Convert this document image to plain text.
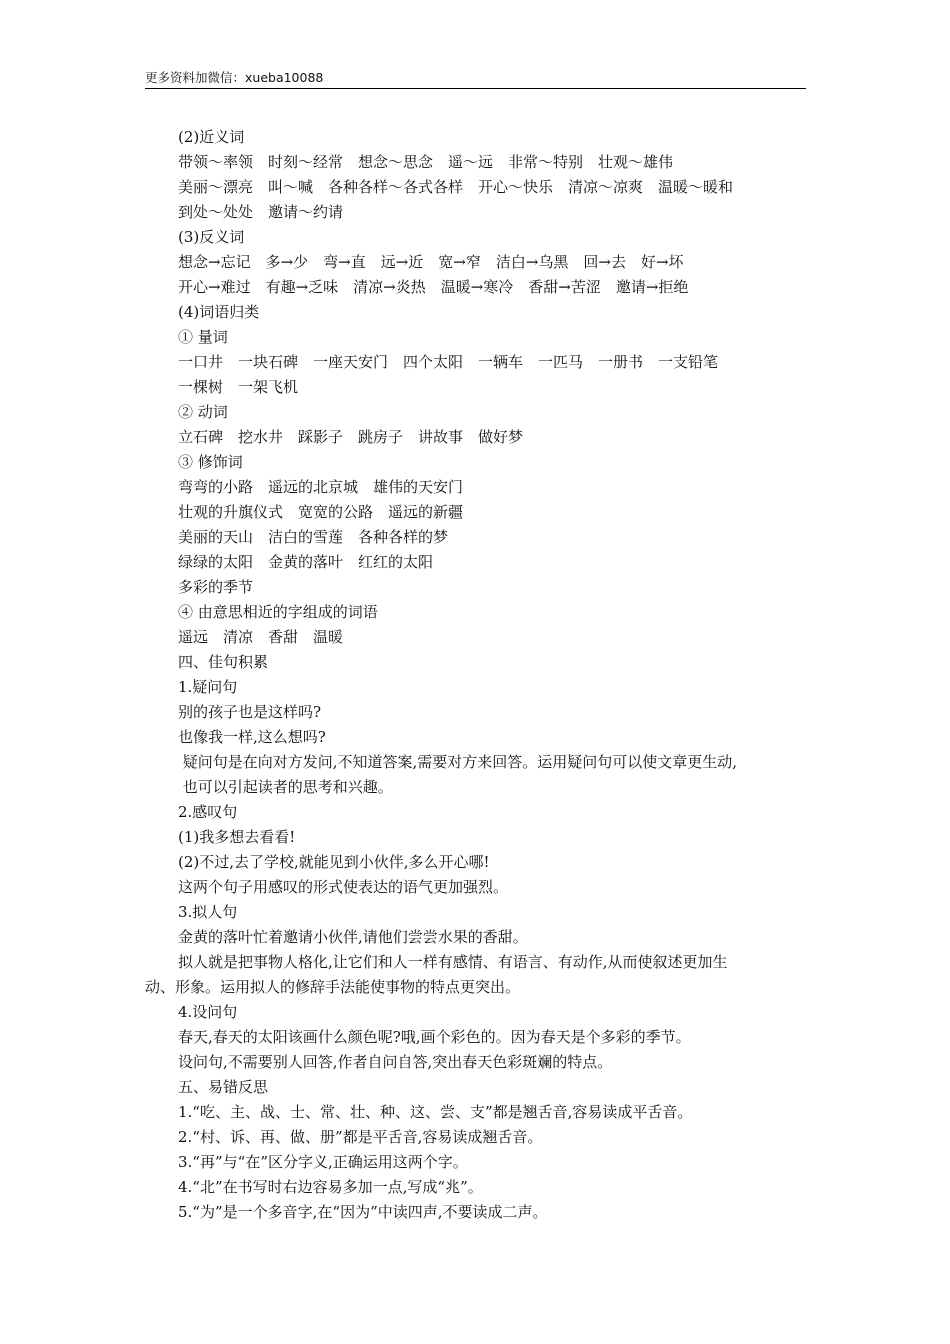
更多资料加微信：xueba10088
(2)近义词
带领～率领　时刻～经常　想念～思念　遥～远　非常～特别　壮观～雄伟
美丽～漂亮　叫～喊　各种各样～各式各样　开心～快乐　清凉～凉爽　温暖～暖和
到处～处处　邀请～约请
(3)反义词
想念→忘记　多→少　弯→直　远→近　宽→窄　洁白→乌黑　回→去　好→坏
开心→难过　有趣→乏味　清凉→炎热　温暖→寒冷　香甜→苦涩　邀请→拒绝
(4)词语归类
① 量词
一口井　一块石碑　一座天安门　四个太阳　一辆车　一匹马　一册书　一支铅笔
一棵树　一架飞机
② 动词
立石碑　挖水井　踩影子　跳房子　讲故事　做好梦
③ 修饰词
弯弯的小路　遥远的北京城　雄伟的天安门
壮观的升旗仪式　宽宽的公路　遥远的新疆
美丽的天山　洁白的雪莲　各种各样的梦
绿绿的太阳　金黄的落叶　红红的太阳
多彩的季节
④ 由意思相近的字组成的词语
遥远　清凉　香甜　温暖
四、佳句积累
1.疑问句
别的孩子也是这样吗?
也像我一样,这么想吗?
疑问句是在向对方发问,不知道答案,需要对方来回答。运用疑问句可以使文章更生动,
也可以引起读者的思考和兴趣。
2.感叹句
(1)我多想去看看!
(2)不过,去了学校,就能见到小伙伴,多么开心哪!
这两个句子用感叹的形式使表达的语气更加强烈。
3.拟人句
金黄的落叶忙着邀请小伙伴,请他们尝尝水果的香甜。
拟人就是把事物人格化,让它们和人一样有感情、有语言、有动作,从而使叙述更加生
动、形象。运用拟人的修辞手法能使事物的特点更突出。
4.设问句
春天,春天的太阳该画什么颜色呢?哦,画个彩色的。因为春天是个多彩的季节。
设问句,不需要别人回答,作者自问自答,突出春天色彩斑斓的特点。
五、易错反思
1.“吃、主、战、士、常、壮、种、这、尝、支”都是翘舌音,容易读成平舌音。
2.“村、诉、再、做、册”都是平舌音,容易读成翘舌音。
3.“再”与“在”区分字义,正确运用这两个字。
4.“北”在书写时右边容易多加一点,写成“兆”。
5.“为”是一个多音字,在“因为”中读四声,不要读成二声。
